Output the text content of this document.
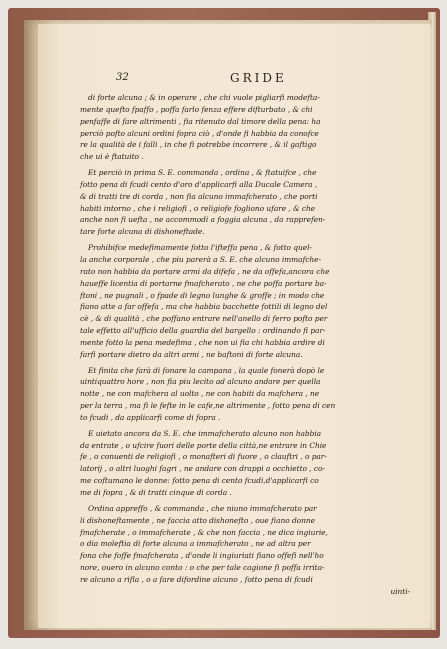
32	GRIDE
di forte alcuna ; & in operare , che chi vuole pigliarfi modefta-
mente quefto fpaffo , poffa farlo fenza effere difturbato , & chi
penfaffe di fare altrimenti , fia ritenuto dal timore della pena: ha
perciò pofto alcuni ordini fopra ciò , d'onde fi habbia da conofce
re la qualità de i falli , in che fi potrebbe incorrere , & il gaftigo
che ui è ftatuito .
Et perciò in prima S. E. commanda , ordina , & ftatuifce , che
fotto pena di fcudi cento d'oro d'applicarfi alla Ducale Camera ,
& di tratti tre di corda , non fia alcuno immafcherato , che porti
habiti intorno , che i religiofi , o religiofe fogliono ufare , & che
anche non fi uefta , ne accommodi a foggia alcuna , da rapprefen-
tare forte alcuna di dishoneftade.
Prohibifce medefimamente fotto l'ifteffa pena , & fotto quel-
la anche corporale , che piu parerà a S. E. che alcuno immafche-
rato non habbia da portare armi da difefa , ne da offefa,ancora che
haueffe licentia di portarne fmafcherato , ne che poffa portare ba-
ftoni , ne pugnali , o fpade di legno lunghe & groffe ; in modo che
fiano atte a far offefa , ma che habbia bacchette fottili di legno del
cè , & di qualità , che poffano entrare nell'anello di ferro pofto per
tale effetto all'ufficio della guardia del bargello : ordinando fi par-
mente fotto la pena medefima , che non ui fia chi habbia ardire di
farfi portare dietro da altri armi , ne baftoni di forte alcuna.
Et finita che farà di fonare la campana , la quale fonerà dopò le
uintiquattro hore , non fia piu lecito ad alcuno andare per quella
notte , ne con mafchera al uolto , ne con habiti da mafchera , ne
per la terra , ma fi le fefte in le cafe,ne altrimente , fotto pena di cen
to fcudi , da applicarfi come di fopra .
E uietato ancora da S. E. che immafcherato alcuno non habbia
da entrate , o ufcire fuori delle porte della città,ne entrare in Chie
fe , o conuenti de religiofi , o monafteri di fuore , o clauftri , o par-
latorij , o altri luoghi fagri , ne andare con drappi a occhietto , co-
me coftumano le donne: fotto pena di cento fcudi,d'applicarfi co
me di fopra , & di tratti cinque di corda .
Ordina appreffo , & commanda , che niuno immafcherato par
li dishoneftamente , ne faccia atto dishonefto , oue fiano donne
fmafcherate , o immafcherate , & che non faccia , ne dica ingiurie,
o dia moleftia di forte alcuna a immafcherato , ne ad altra per
fona che foffe fmafcherata , d'onde li ingiuriati fiano offefi nell'ho
nore, ouero in alcuno conto : o che per tale cagione fi poffa irrita-
re alcuno a rifla , o a fare difordine alcuno , fotto pena di fcudi
uinti-
